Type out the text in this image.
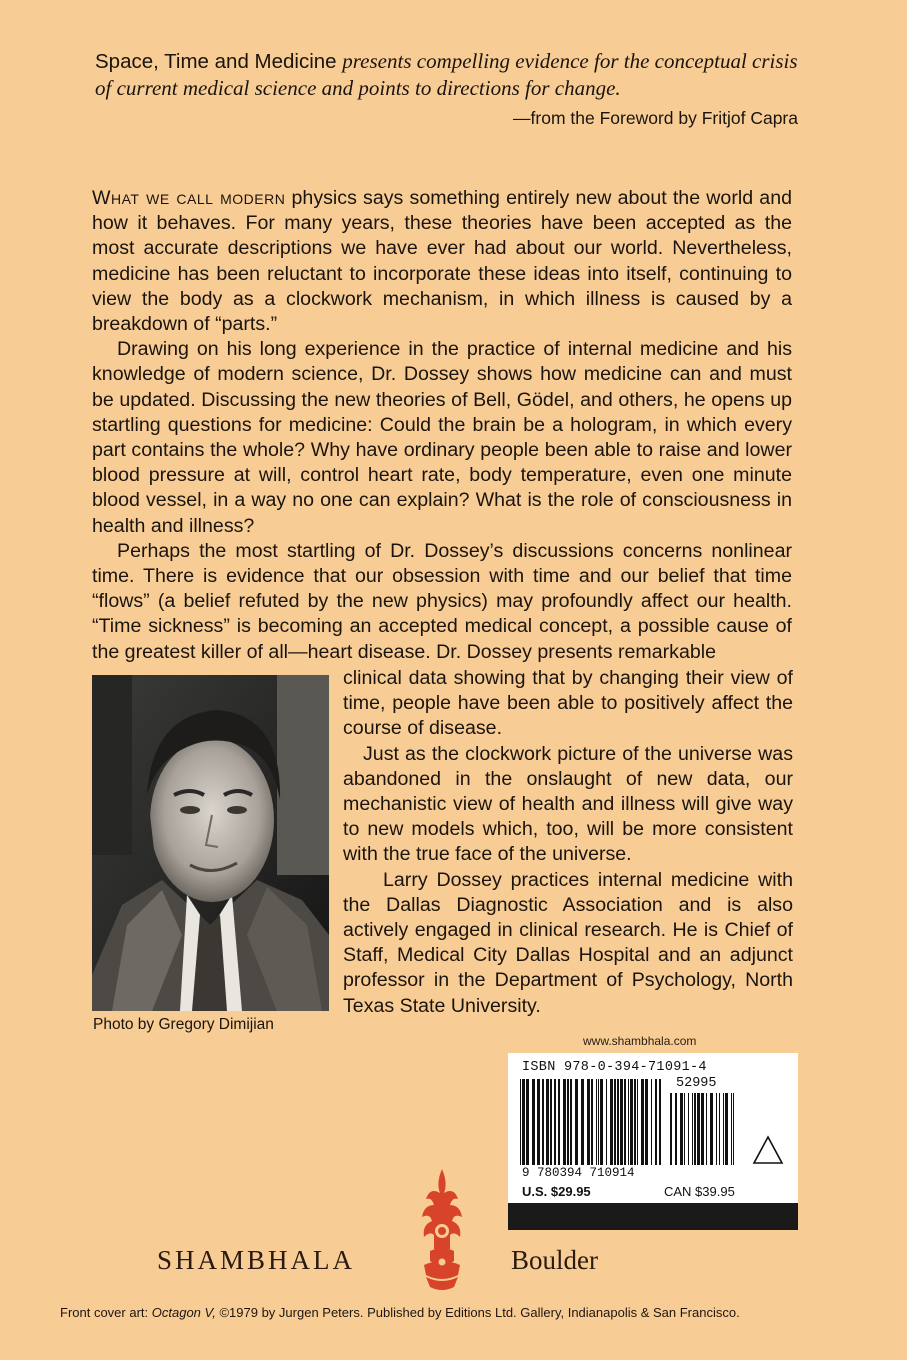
Space, Time and Medicine presents compelling evidence for the conceptual crisis of current medical science and points to directions for change.
—from the Foreword by Fritjof Capra

What we call modern physics says something entirely new about the world and how it behaves. For many years, these theories have been accepted as the most accurate descriptions we have ever had about our world. Nevertheless, medicine has been reluctant to incorporate these ideas into itself, continuing to view the body as a clockwork mechanism, in which illness is caused by a breakdown of “parts.”

Drawing on his long experience in the practice of internal medicine and his knowledge of modern science, Dr. Dossey shows how medicine can and must be updated. Discussing the new theories of Bell, Gödel, and others, he opens up startling questions for medicine: Could the brain be a hologram, in which every part contains the whole? Why have ordinary people been able to raise and lower blood pressure at will, control heart rate, body temperature, even one minute blood vessel, in a way no one can explain? What is the role of consciousness in health and illness?

Perhaps the most startling of Dr. Dossey’s discussions concerns nonlinear time. There is evidence that our obsession with time and our belief that time “flows” (a belief refuted by the new physics) may profoundly affect our health. “Time sickness” is becoming an accepted medical concept, a possible cause of the greatest killer of all—heart disease. Dr. Dossey presents remarkable

clinical data showing that by changing their view of time, people have been able to positively affect the course of disease.

Just as the clockwork picture of the universe was abandoned in the onslaught of new data, our mechanistic view of health and illness will give way to new models which, too, will be more consistent with the true face of the universe.

Larry Dossey practices internal medicine with the Dallas Diagnostic Association and is also actively engaged in clinical research. He is Chief of Staff, Medical City Dallas Hospital and an adjunct professor in the Department of Psychology, North Texas State University.

Photo by Gregory Dimijian
www.shambhala.com
ISBN 978-0-394-71091-4
52995
9 780394 710914
U.S. $29.95	CAN $39.95
SHAMBHALA	Boulder
Front cover art: Octagon V, ©1979 by Jurgen Peters. Published by Editions Ltd. Gallery, Indianapolis & San Francisco.
